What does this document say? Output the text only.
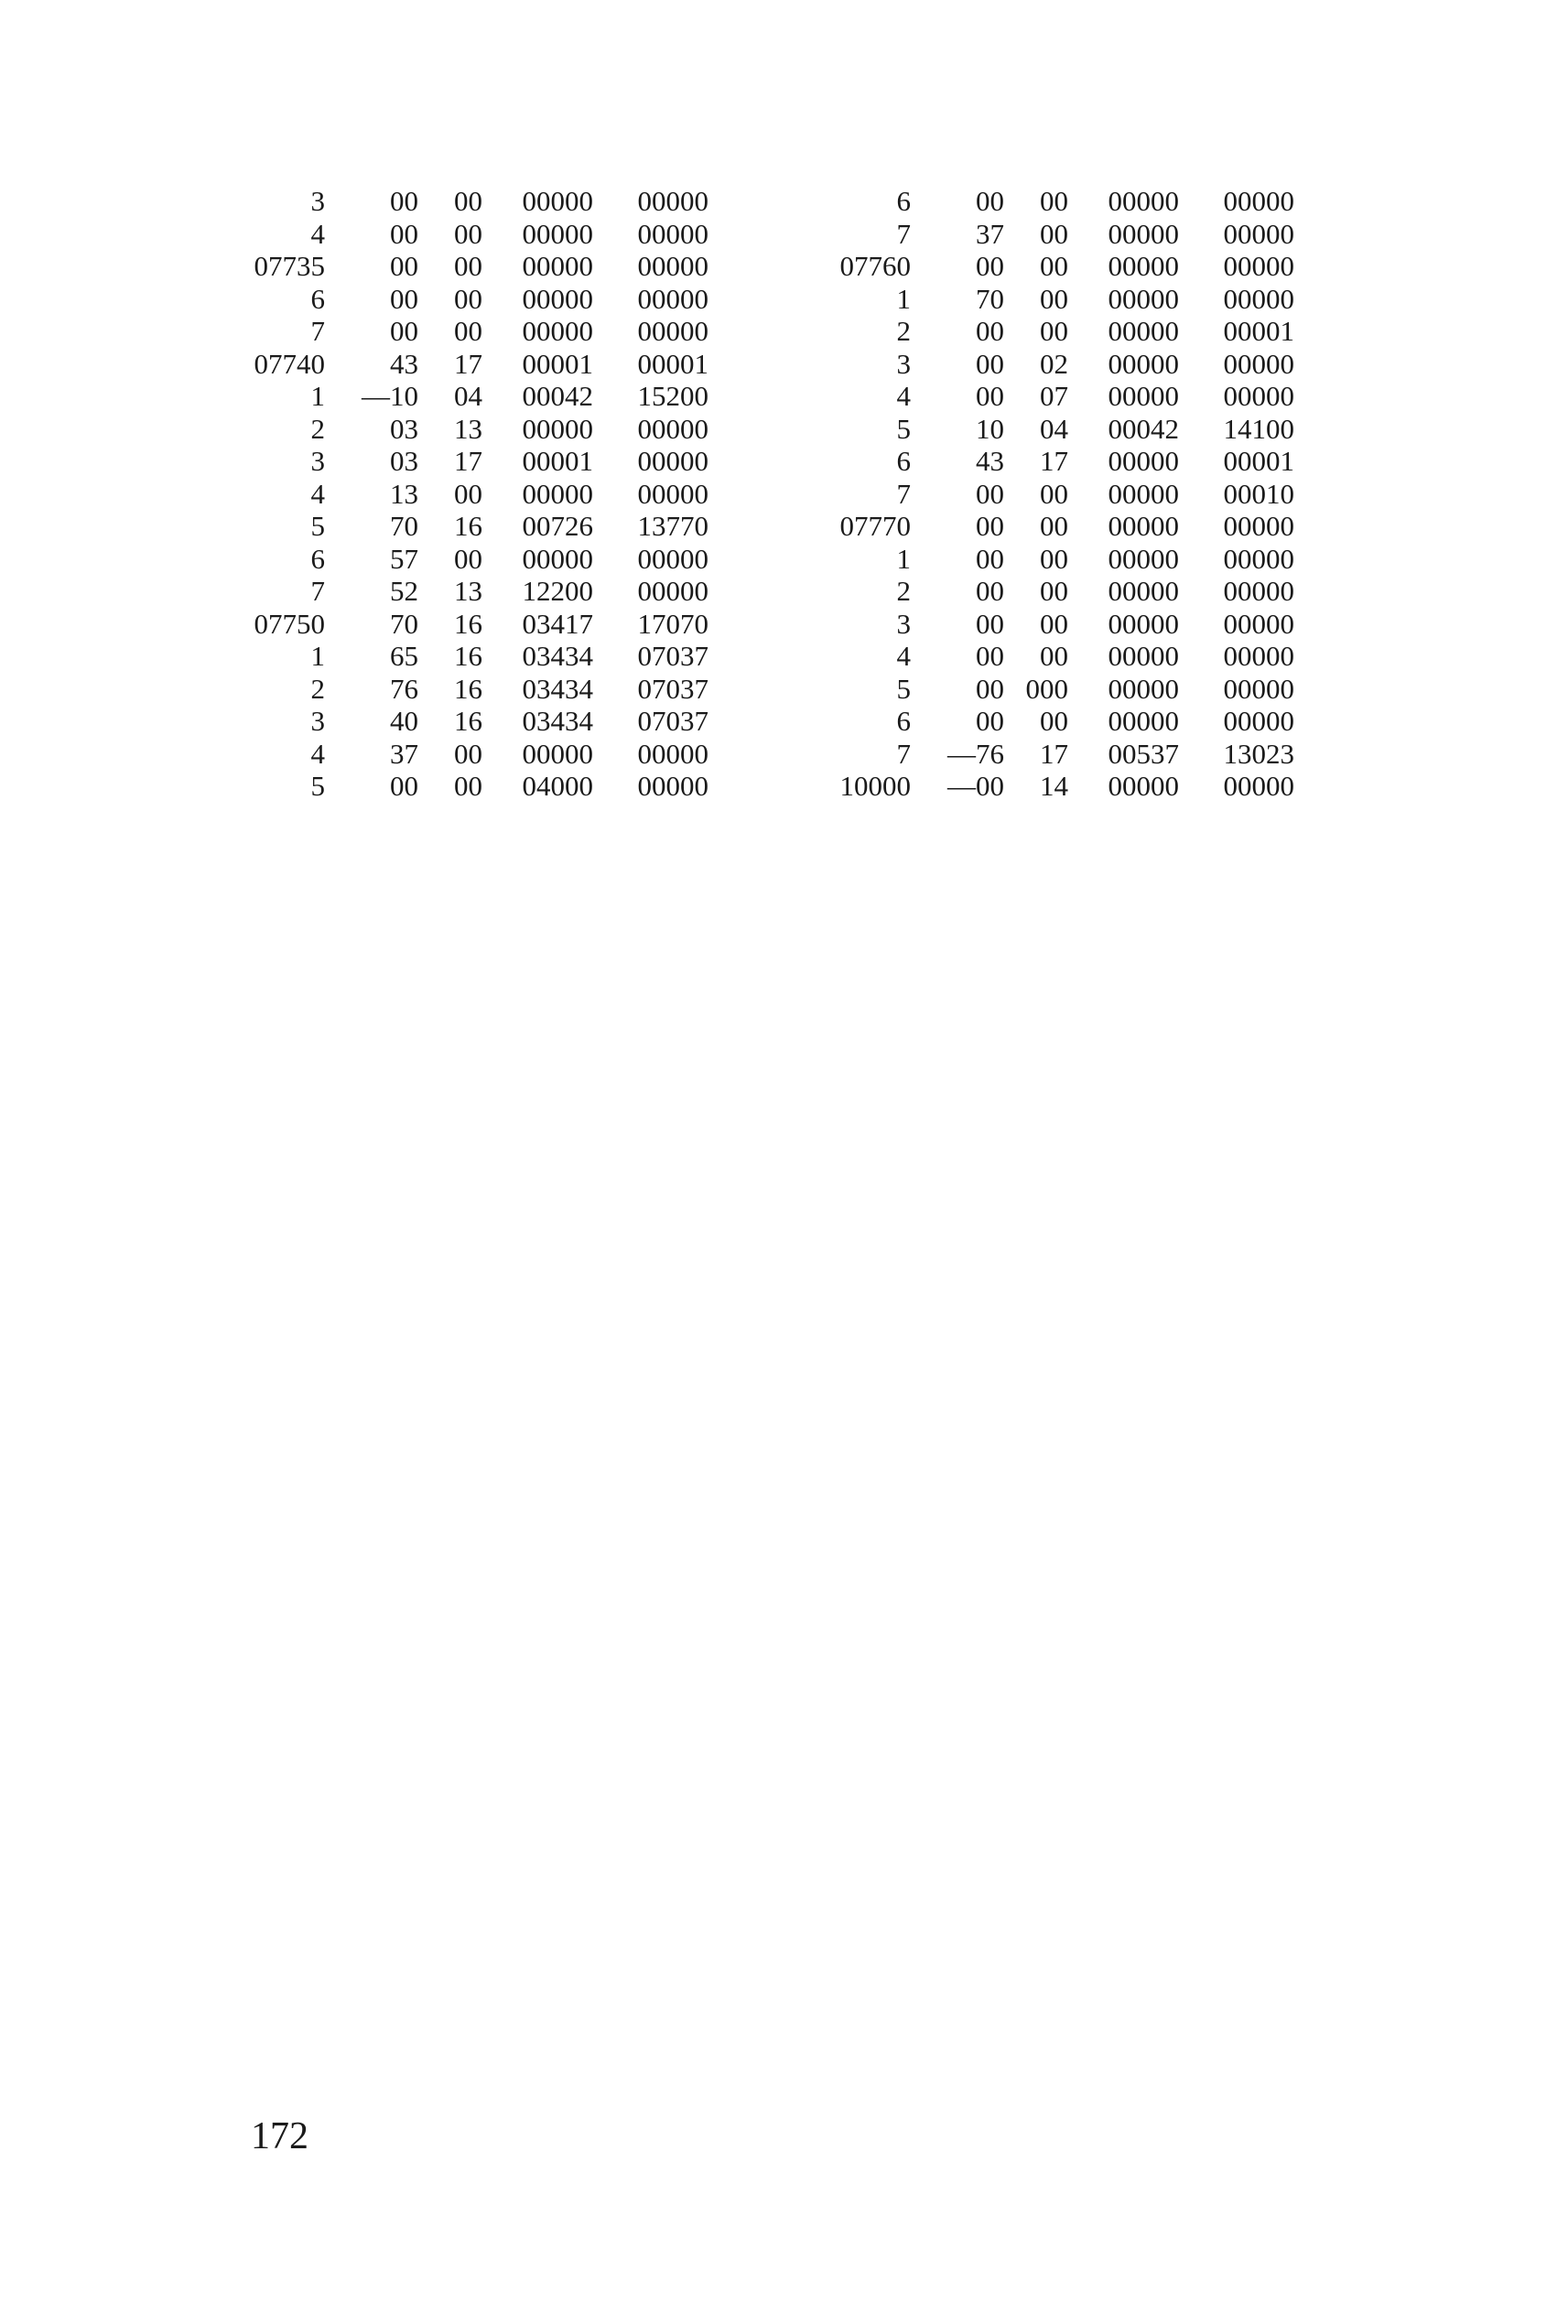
3	00	00	00000	00000
4	00	00	00000	00000
07735	00	00	00000	00000
6	00	00	00000	00000
7	00	00	00000	00000
07740	43	17	00001	00001
1	—10	04	00042	15200
2	03	13	00000	00000
3	03	17	00001	00000
4	13	00	00000	00000
5	70	16	00726	13770
6	57	00	00000	00000
7	52	13	12200	00000
07750	70	16	03417	17070
1	65	16	03434	07037
2	76	16	03434	07037
3	40	16	03434	07037
4	37	00	00000	00000
5	00	00	04000	00000
6	00	00	00000	00000
7	37	00	00000	00000
07760	00	00	00000	00000
1	70	00	00000	00000
2	00	00	00000	00001
3	00	02	00000	00000
4	00	07	00000	00000
5	10	04	00042	14100
6	43	17	00000	00001
7	00	00	00000	00010
07770	00	00	00000	00000
1	00	00	00000	00000
2	00	00	00000	00000
3	00	00	00000	00000
4	00	00	00000	00000
5	00	000	00000	00000
6	00	00	00000	00000
7	—76	17	00537	13023
10000	—00	14	00000	00000
172
